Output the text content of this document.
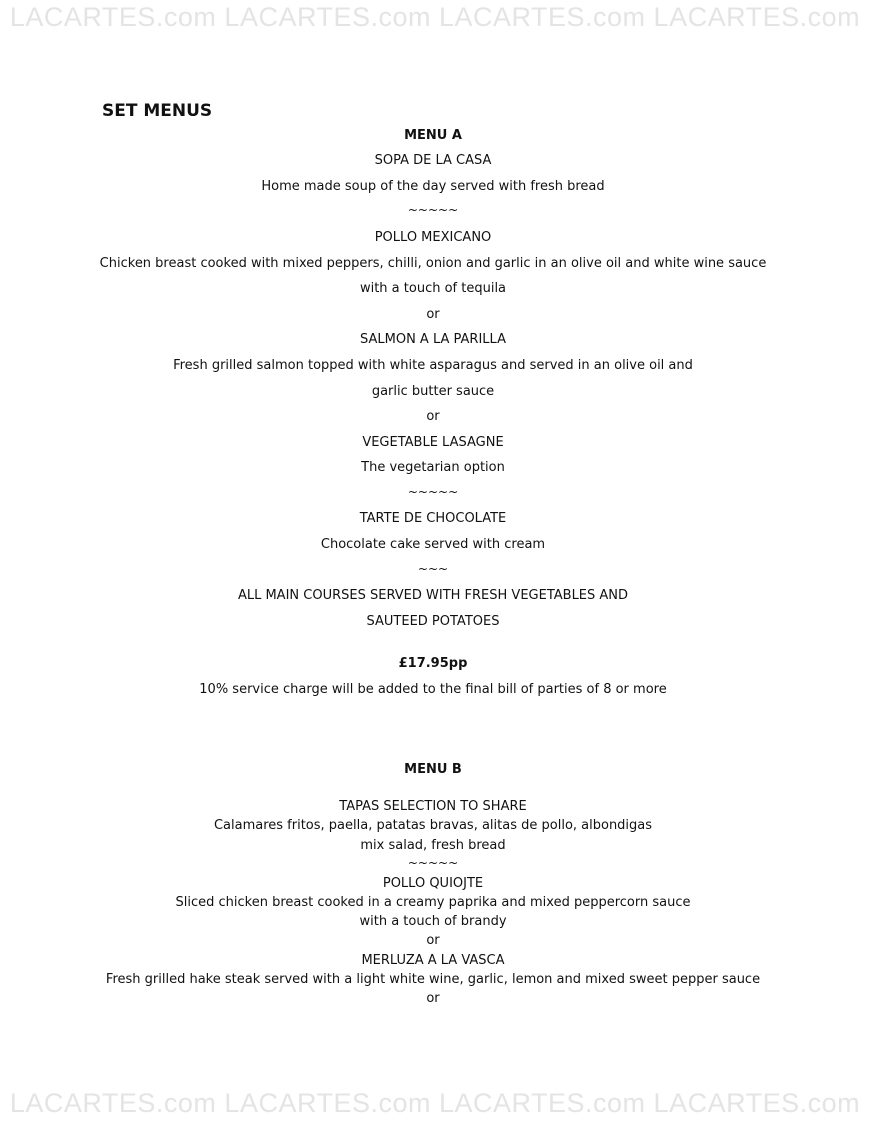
LACARTES.com LACARTES.com LACARTES.com LACARTES.com
SET MENUS
MENU A
SOPA DE LA CASA
Home made soup of the day served with fresh bread
~~~~~
POLLO MEXICANO
Chicken breast cooked with mixed peppers, chilli, onion and garlic in an olive oil and white wine sauce
with a touch of tequila
or
SALMON A LA PARILLA
Fresh grilled salmon topped with white asparagus and served in an olive oil and
garlic butter sauce
or
VEGETABLE LASAGNE
The vegetarian option
~~~~~
TARTE DE CHOCOLATE
Chocolate cake served with cream
~~~
ALL MAIN COURSES SERVED WITH FRESH VEGETABLES AND
SAUTEED POTATOES
£17.95pp
10% service charge will be added to the final bill of parties of 8 or more
MENU B
TAPAS SELECTION TO SHARE
Calamares fritos, paella, patatas bravas, alitas de pollo, albondigas
mix salad, fresh bread
~~~~~
POLLO QUIOJTE
Sliced chicken breast cooked in a creamy paprika and mixed peppercorn sauce
with a touch of brandy
or
MERLUZA A LA VASCA
Fresh grilled hake steak served with a light white wine, garlic, lemon and mixed sweet pepper sauce
or
LACARTES.com LACARTES.com LACARTES.com LACARTES.com
